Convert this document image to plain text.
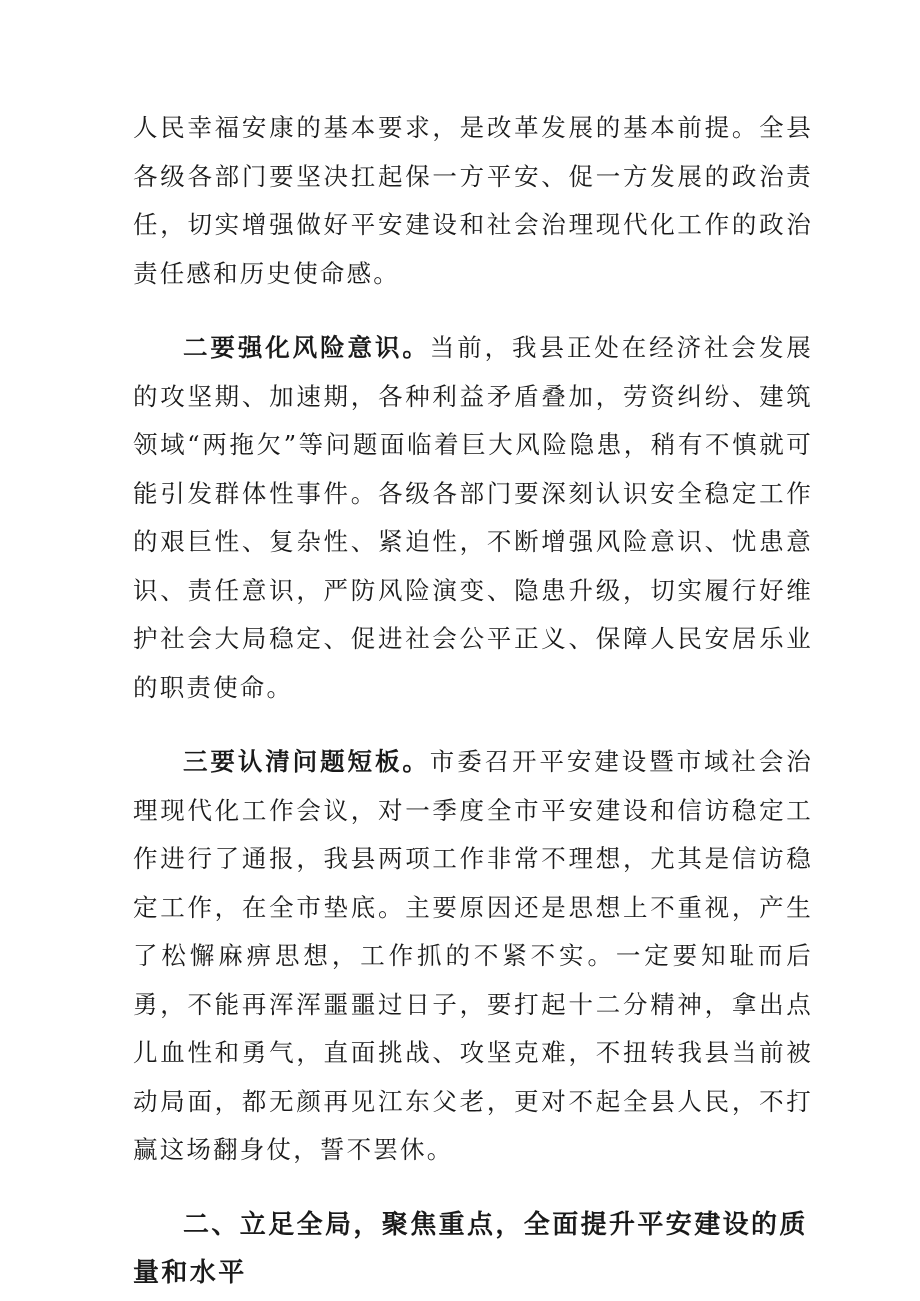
人民幸福安康的基本要求，是改革发展的基本前提。全县各级各部门要坚决扛起保一方平安、促一方发展的政治责任，切实增强做好平安建设和社会治理现代化工作的政治责任感和历史使命感。

二要强化风险意识。当前，我县正处在经济社会发展的攻坚期、加速期，各种利益矛盾叠加，劳资纠纷、建筑领域“两拖欠”等问题面临着巨大风险隐患，稍有不慎就可能引发群体性事件。各级各部门要深刻认识安全稳定工作的艰巨性、复杂性、紧迫性，不断增强风险意识、忧患意识、责任意识，严防风险演变、隐患升级，切实履行好维护社会大局稳定、促进社会公平正义、保障人民安居乐业的职责使命。

三要认清问题短板。市委召开平安建设暨市域社会治理现代化工作会议，对一季度全市平安建设和信访稳定工作进行了通报，我县两项工作非常不理想，尤其是信访稳定工作，在全市垫底。主要原因还是思想上不重视，产生了松懈麻痹思想，工作抓的不紧不实。一定要知耻而后勇，不能再浑浑噩噩过日子，要打起十二分精神，拿出点儿血性和勇气，直面挑战、攻坚克难，不扭转我县当前被动局面，都无颜再见江东父老，更对不起全县人民，不打赢这场翻身仗，誓不罢休。

二、立足全局，聚焦重点，全面提升平安建设的质量和水平
